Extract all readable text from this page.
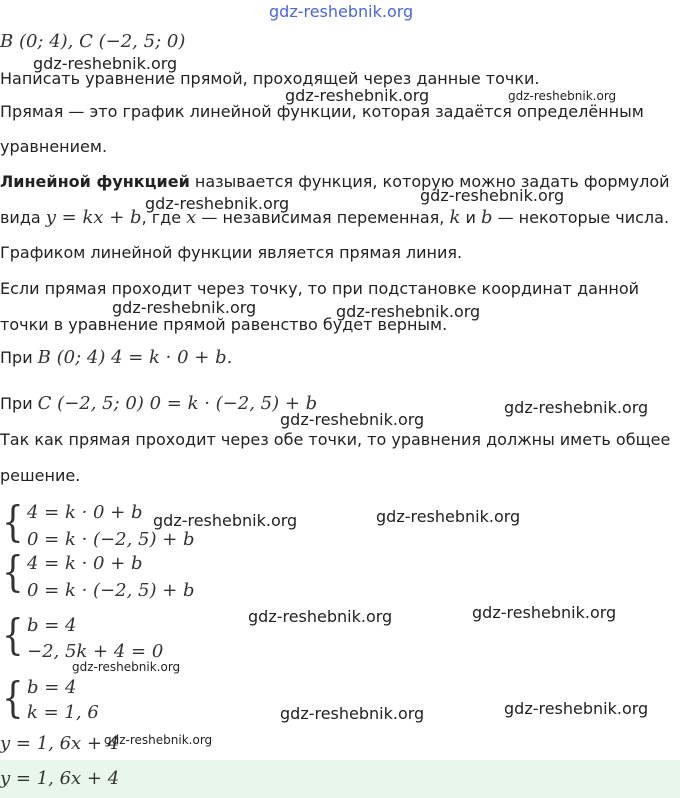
gdz-reshebnik.org
B (0; 4), C (−2, 5; 0)
gdz-reshebnik.org
Написать уравнение прямой, проходящей через данные точки.
gdz-reshebnik.org	gdz-reshebnik.org
Прямая — это график линейной функции, которая задаётся определённым
уравнением.
Линейной функцией называется функция, которую можно задать формулой
gdz-reshebnik.org
gdz-reshebnik.org
вида y = kx + b, где x — независимая переменная, k и b — некоторые числа.
Графиком линейной функции является прямая линия.
Если прямая проходит через точку, то при подстановке координат данной
gdz-reshebnik.org	gdz-reshebnik.org
точки в уравнение прямой равенство будет верным.
При B (0; 4) 4 = k · 0 + b.
При C (−2, 5; 0) 0 = k · (−2, 5) + b	gdz-reshebnik.org
gdz-reshebnik.org
Так как прямая проходит через обе точки, то уравнения должны иметь общее
решение.
{ 4 = k · 0 + b
0 = k · (−2, 5) + b
gdz-reshebnik.org	gdz-reshebnik.org
{ 4 = k · 0 + b
0 = k · (−2, 5) + b
{ b = 4
−2, 5k + 4 = 0
gdz-reshebnik.org	gdz-reshebnik.org
gdz-reshebnik.org
{ b = 4
k = 1, 6	gdz-reshebnik.org	gdz-reshebnik.org
y = 1, 6x + 4
gdz-reshebnik.org
y = 1, 6x + 4
